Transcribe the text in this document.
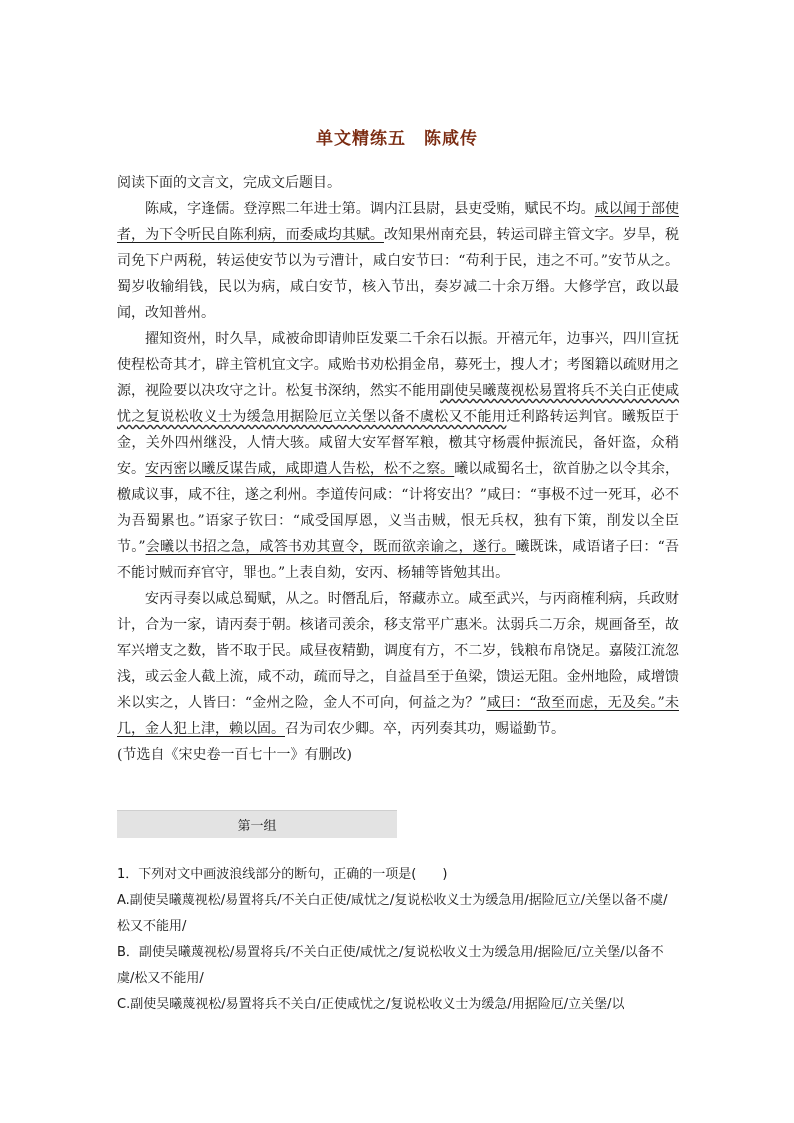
单文精练五 陈咸传

阅读下面的文言文，完成文后题目。

陈咸，字逢儒。登淳熙二年进士第。调内江县尉，县吏受贿，赋民不均。咸以闻于部使者，为下令听民自陈利病，而委咸均其赋。改知果州南充县，转运司辟主管文字。岁旱，税司免下户两税，转运使安节以为亏漕计，咸白安节曰：“苟利于民，违之不可。”安节从之。蜀岁收输绢钱，民以为病，咸白安节，核入节出，奏岁减二十余万缗。大修学宫，政以最闻，改知普州。

擢知资州，时久旱，咸被命即请帅臣发粟二千余石以振。开禧元年，边事兴，四川宣抚使程松奇其才，辟主管机宜文字。咸贻书劝松捐金帛，募死士，搜人才；考图籍以疏财用之源，视险要以决攻守之计。松复书深纳，然实不能用副使吴曦蔑视松易置将兵不关白正使咸忧之复说松收义士为缓急用据险厄立关堡以备不虞松又不能用迁利路转运判官。曦叛臣于金，关外四州继没，人情大骇。咸留大安军督军粮，檄其守杨震仲振流民，备奸盗，众稍安。安丙密以曦反谋告咸，咸即遣人告松，松不之察。曦以咸蜀名士，欲首胁之以令其余，檄咸议事，咸不往，遂之利州。李道传问咸：“计将安出？”咸曰：“事极不过一死耳，必不为吾蜀累也。”语家子钦曰：“咸受国厚恩，义当击贼，恨无兵权，独有下策，削发以全臣节。”会曦以书招之急，咸答书劝其亶令，既而欲亲谕之，遂行。曦既诛，咸语诸子曰：“吾不能讨贼而弃官守，罪也。”上表自劾，安丙、杨辅等皆勉其出。

安丙寻奏以咸总蜀赋，从之。时僭乱后，帑藏赤立。咸至武兴，与丙商榷利病，兵政财计，合为一家，请丙奏于朝。核诸司羡余，移支常平广惠米。汰弱兵二万余，规画备至，故军兴增支之数，皆不取于民。咸昼夜精勤，调度有方，不二岁，钱粮布帛饶足。嘉陵江流忽浅，或云金人截上流，咸不动，疏而导之，自益昌至于鱼梁，馈运无阻。金州地险，咸增馈米以实之，人皆曰：“金州之险，金人不可向，何益之为？”咸曰：“敌至而虑，无及矣。”未几，金人犯上津，赖以固。召为司农少卿。卒，丙列奏其功，赐谥勤节。

(节选自《宋史卷一百七十一》有删改)

第一组
1．下列对文中画波浪线部分的断句，正确的一项是(　　)
A.副使吴曦蔑视松/易置将兵/不关白正使/咸忧之/复说松收义士为缓急用/据险厄立/关堡以备不虞/松又不能用/
B．副使吴曦蔑视松/易置将兵/不关白正使/咸忧之/复说松收义士为缓急用/据险厄/立关堡/以备不虞/松又不能用/
C.副使吴曦蔑视松/易置将兵不关白/正使咸忧之/复说松收义士为缓急/用据险厄/立关堡/以
